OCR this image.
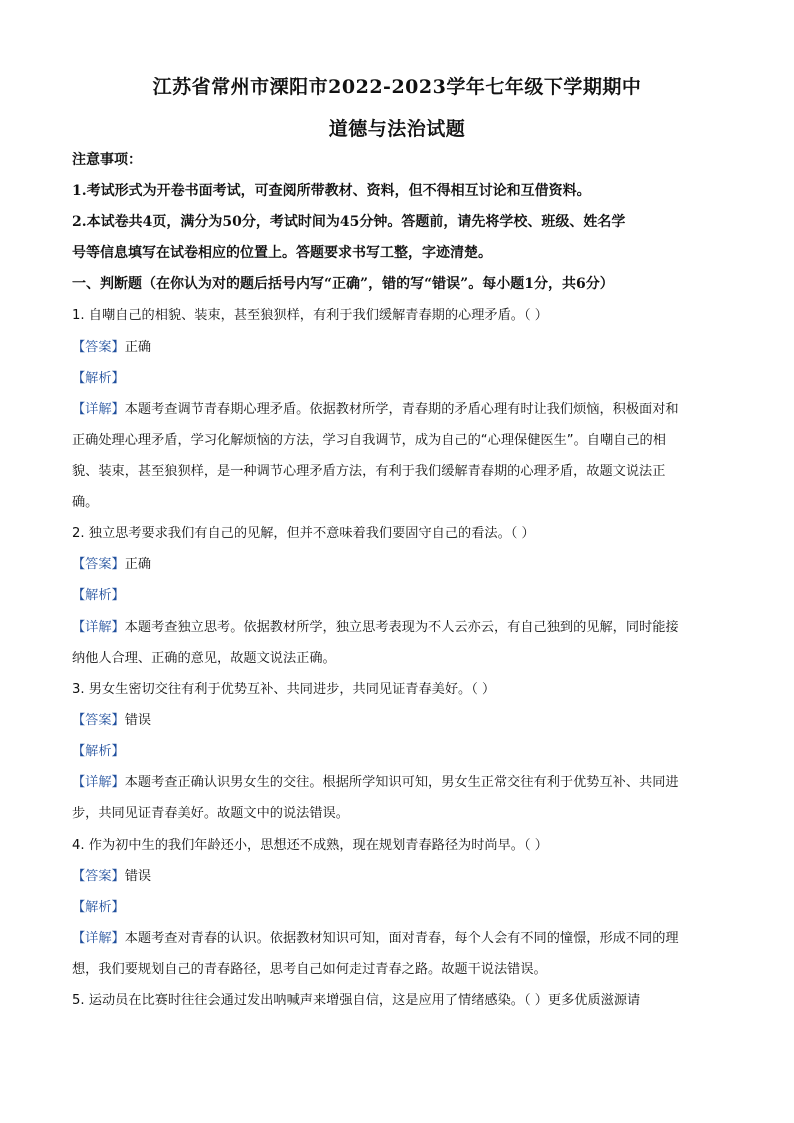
江苏省常州市溧阳市2022-2023学年七年级下学期期中
道德与法治试题
注意事项：
1.考试形式为开卷书面考试，可查阅所带教材、资料，但不得相互讨论和互借资料。
2.本试卷共4页，满分为50分，考试时间为45分钟。答题前，请先将学校、班级、姓名学
号等信息填写在试卷相应的位置上。答题要求书写工整，字迹清楚。
一、判断题（在你认为对的题后括号内写“正确”，错的写“错误”。每小题1分，共6分）
1. 自嘲自己的相貌、装束，甚至狼狈样，有利于我们缓解青春期的心理矛盾。（ ）
【答案】正确
【解析】
【详解】本题考查调节青春期心理矛盾。依据教材所学，青春期的矛盾心理有时让我们烦恼，积极面对和
正确处理心理矛盾，学习化解烦恼的方法，学习自我调节，成为自己的“心理保健医生”。自嘲自己的相
貌、装束，甚至狼狈样，是一种调节心理矛盾方法，有利于我们缓解青春期的心理矛盾，故题文说法正
确。
2. 独立思考要求我们有自己的见解，但并不意味着我们要固守自己的看法。（ ）
【答案】正确
【解析】
【详解】本题考查独立思考。依据教材所学，独立思考表现为不人云亦云，有自己独到的见解，同时能接
纳他人合理、正确的意见，故题文说法正确。
3. 男女生密切交往有利于优势互补、共同进步，共同见证青春美好。（ ）
【答案】错误
【解析】
【详解】本题考查正确认识男女生的交往。根据所学知识可知，男女生正常交往有利于优势互补、共同进
步，共同见证青春美好。故题文中的说法错误。
4. 作为初中生的我们年龄还小，思想还不成熟，现在规划青春路径为时尚早。（ ）
【答案】错误
【解析】
【详解】本题考查对青春的认识。依据教材知识可知，面对青春，每个人会有不同的憧憬，形成不同的理
想，我们要规划自己的青春路径，思考自己如何走过青春之路。故题干说法错误。
5. 运动员在比赛时往往会通过发出呐喊声来增强自信，这是应用了情绪感染。（ ）更多优质滋源请
